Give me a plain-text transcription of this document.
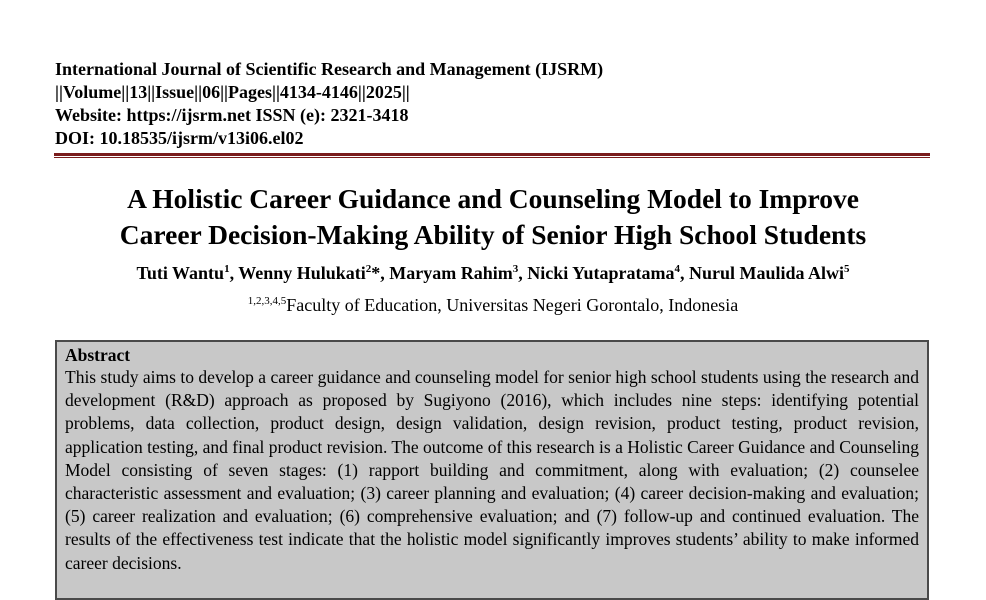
International Journal of Scientific Research and Management (IJSRM)
||Volume||13||Issue||06||Pages||4134-4146||2025||
Website: https://ijsrm.net ISSN (e): 2321-3418
DOI: 10.18535/ijsrm/v13i06.el02
A Holistic Career Guidance and Counseling Model to Improve
Career Decision-Making Ability of Senior High School Students
Tuti Wantu$^1$, Wenny Hulukati$^2$*, Maryam Rahim$^3$, Nicki Yutapratama$^4$, Nurul Maulida Alwi$^5$
$^{1,2,3,4,5}$Faculty of Education, Universitas Negeri Gorontalo, Indonesia
Abstract

This study aims to develop a career guidance and counseling model for senior high school students using the research and development (R&D) approach as proposed by Sugiyono (2016), which includes nine steps: identifying potential problems, data collection, product design, design validation, design revision, product testing, product revision, application testing, and final product revision. The outcome of this research is a Holistic Career Guidance and Counseling Model consisting of seven stages: (1) rapport building and commitment, along with evaluation; (2) counselee characteristic assessment and evaluation; (3) career planning and evaluation; (4) career decision-making and evaluation; (5) career realization and evaluation; (6) comprehensive evaluation; and (7) follow-up and continued evaluation. The results of the effectiveness test indicate that the holistic model significantly improves students’ ability to make informed career decisions.
